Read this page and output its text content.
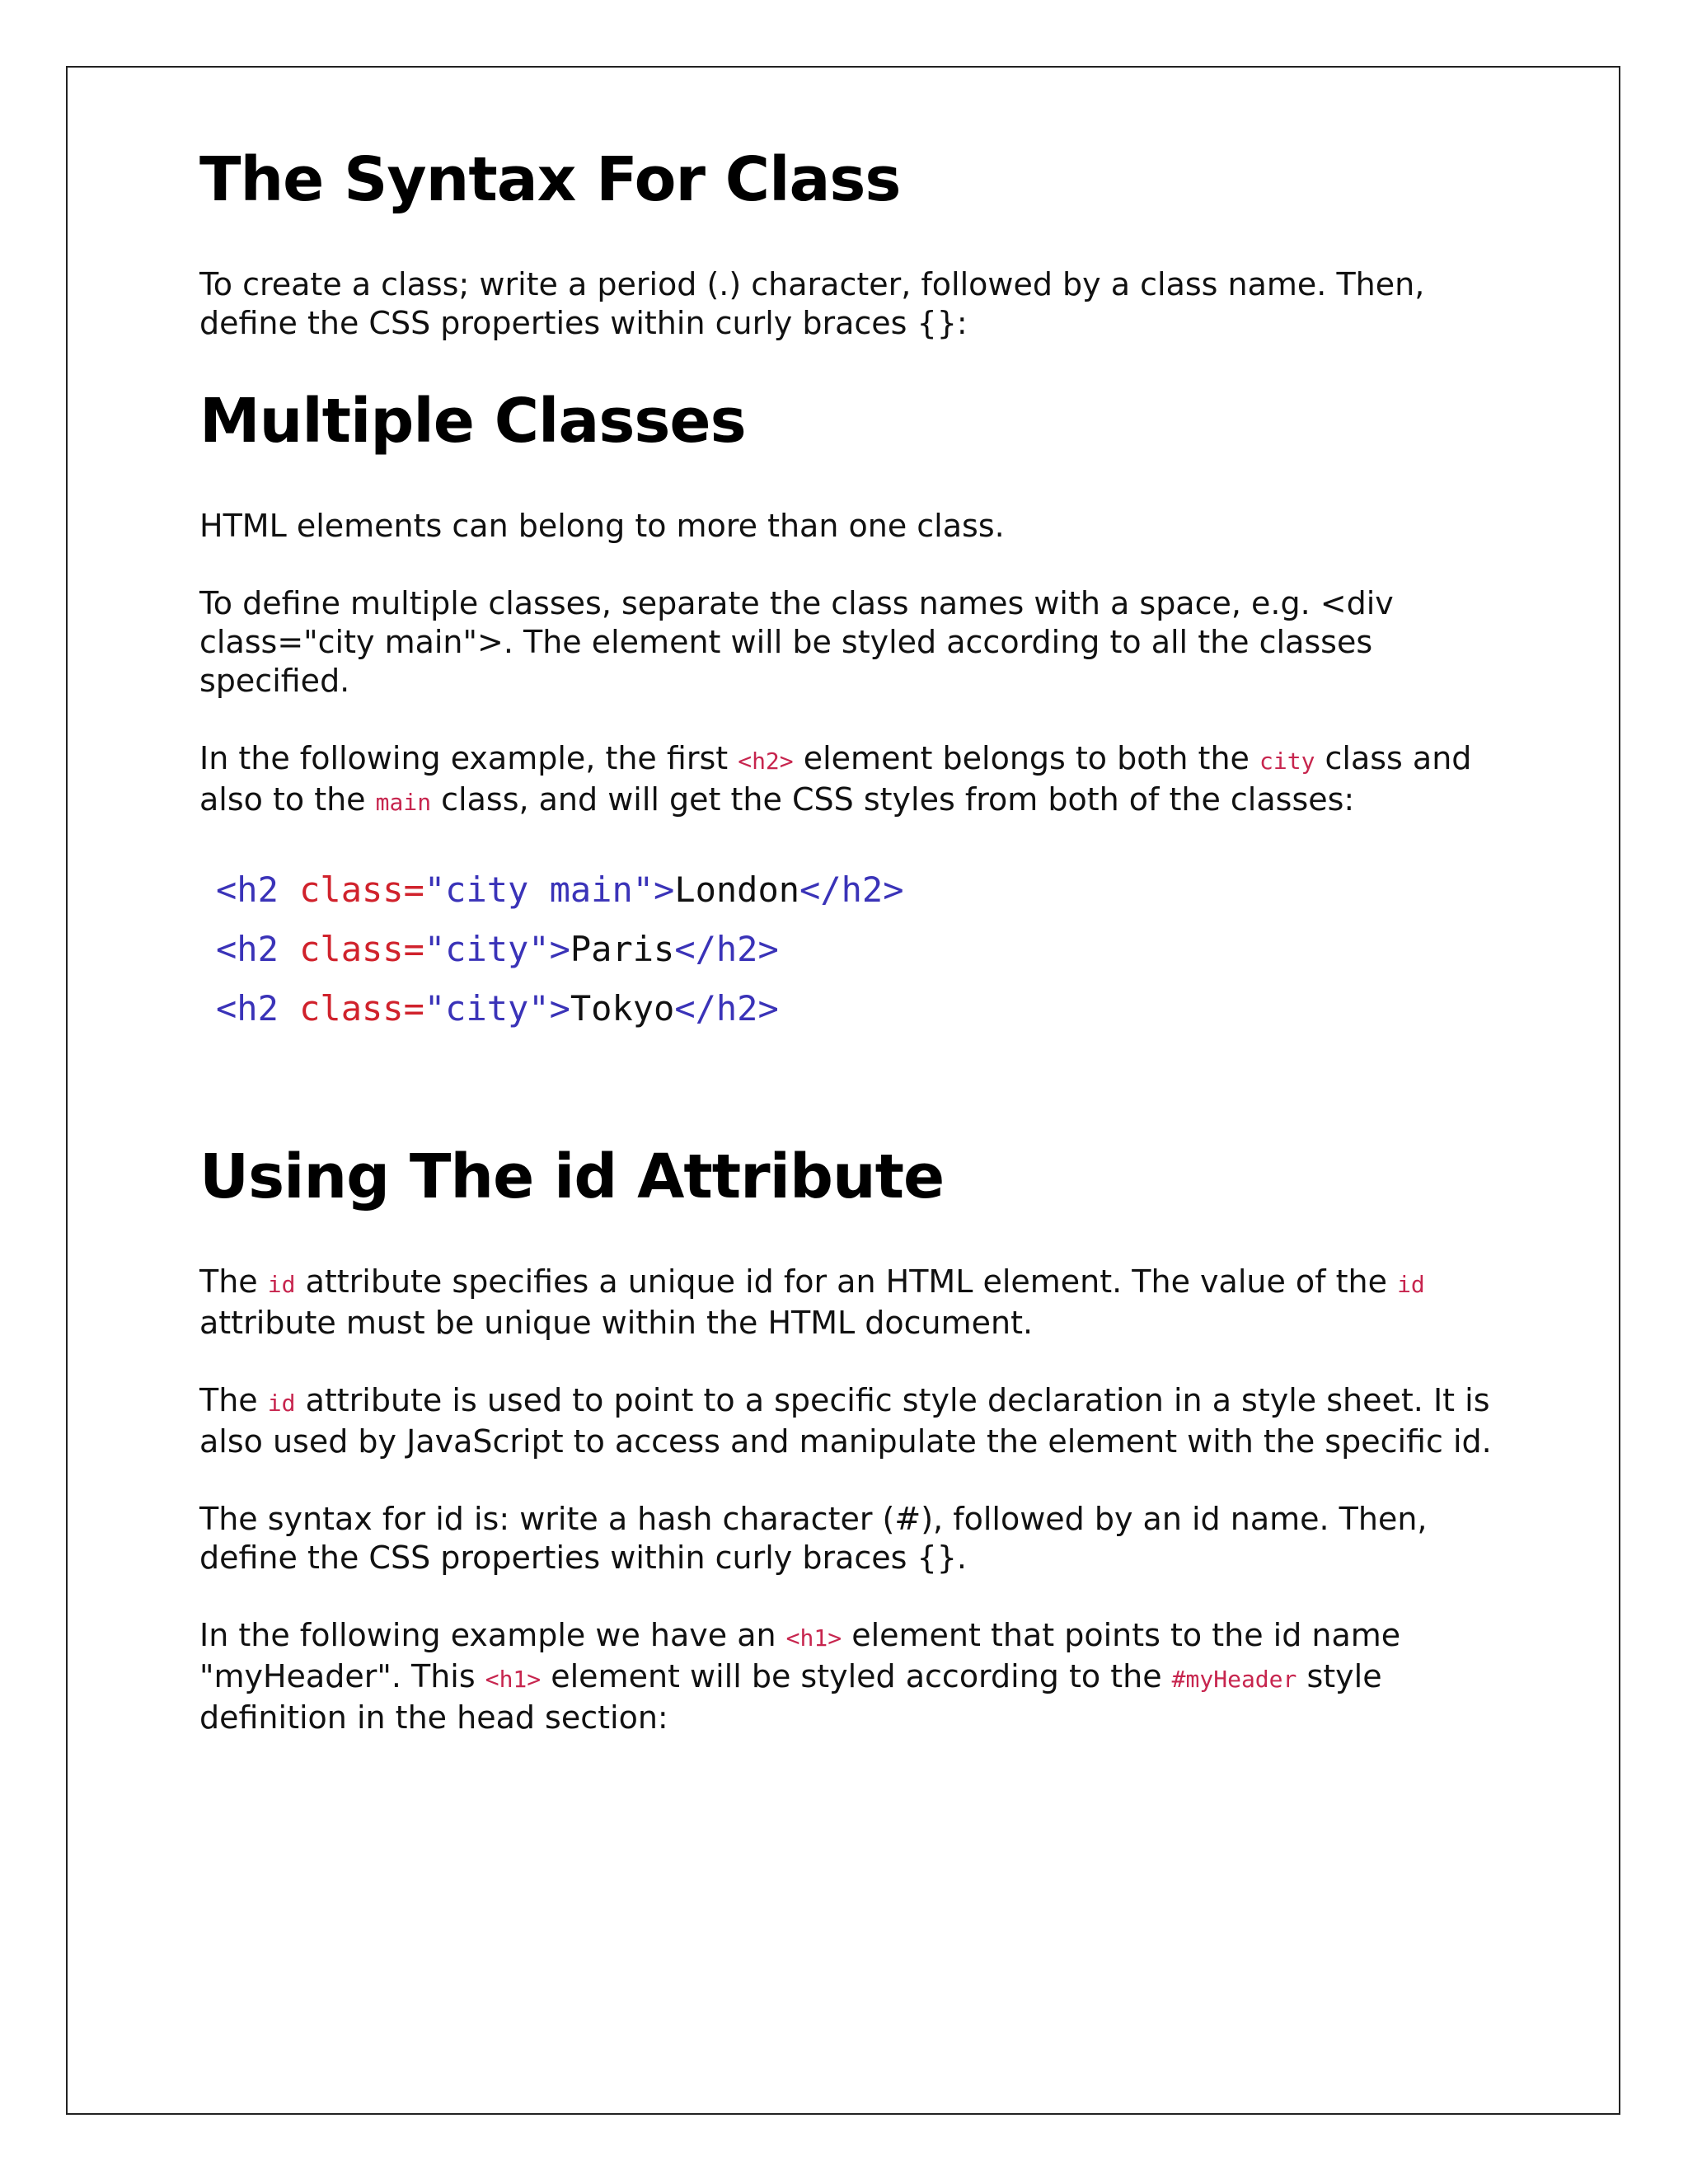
The Syntax For Class

To create a class; write a period (.) character, followed by a class name. Then, define the CSS properties within curly braces {}:

Multiple Classes

HTML elements can belong to more than one class.

To define multiple classes, separate the class names with a space, e.g. <div class="city main">. The element will be styled according to all the classes specified.

In the following example, the first <h2> element belongs to both the city class and also to the main class, and will get the CSS styles from both of the classes:

<h2 class="city main">London</h2>
<h2 class="city">Paris</h2>
<h2 class="city">Tokyo</h2>
Using The id Attribute

The id attribute specifies a unique id for an HTML element. The value of the id attribute must be unique within the HTML document.

The id attribute is used to point to a specific style declaration in a style sheet. It is also used by JavaScript to access and manipulate the element with the specific id.

The syntax for id is: write a hash character (#), followed by an id name. Then, define the CSS properties within curly braces {}.

In the following example we have an <h1> element that points to the id name "myHeader". This <h1> element will be styled according to the #myHeader style definition in the head section:
